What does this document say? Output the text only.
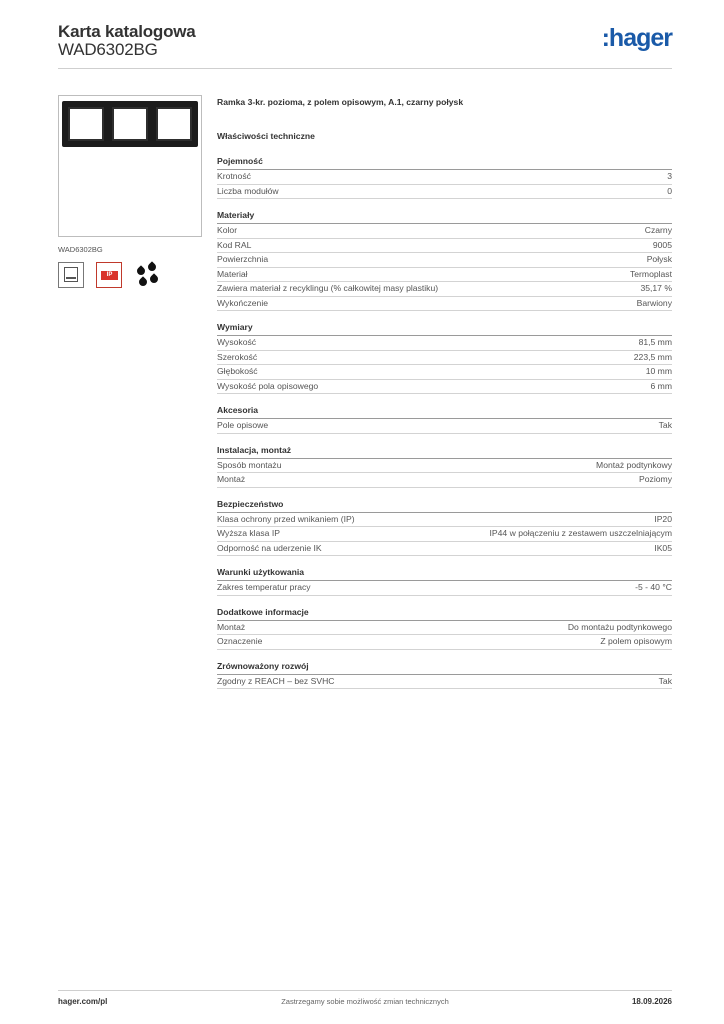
Karta katalogowa
WAD6302BG	:hager
WAD6302BG
IP
Ramka 3-kr. pozioma, z polem opisowym, A.1, czarny połysk
Właściwości techniczne
Pojemność
Krotność	3
Liczba modułów	0
Materiały
Kolor	Czarny
Kod RAL	9005
Powierzchnia	Połysk
Materiał	Termoplast
Zawiera materiał z recyklingu (% całkowitej masy plastiku)	35,17 %
Wykończenie	Barwiony
Wymiary
Wysokość	81,5 mm
Szerokość	223,5 mm
Głębokość	10 mm
Wysokość pola opisowego	6 mm
Akcesoria
Pole opisowe	Tak
Instalacja, montaż
Sposób montażu	Montaż podtynkowy
Montaż	Poziomy
Bezpieczeństwo
Klasa ochrony przed wnikaniem (IP)	IP20
Wyższa klasa IP	IP44 w połączeniu z zestawem uszczelniającym
Odporność na uderzenie IK	IK05
Warunki użytkowania
Zakres temperatur pracy	-5 - 40 °C
Dodatkowe informacje
Montaż	Do montażu podtynkowego
Oznaczenie	Z polem opisowym
Zrównoważony rozwój
Zgodny z REACH – bez SVHC	Tak
hager.com/pl	Zastrzegamy sobie możliwość zmian technicznych	18.09.2026
